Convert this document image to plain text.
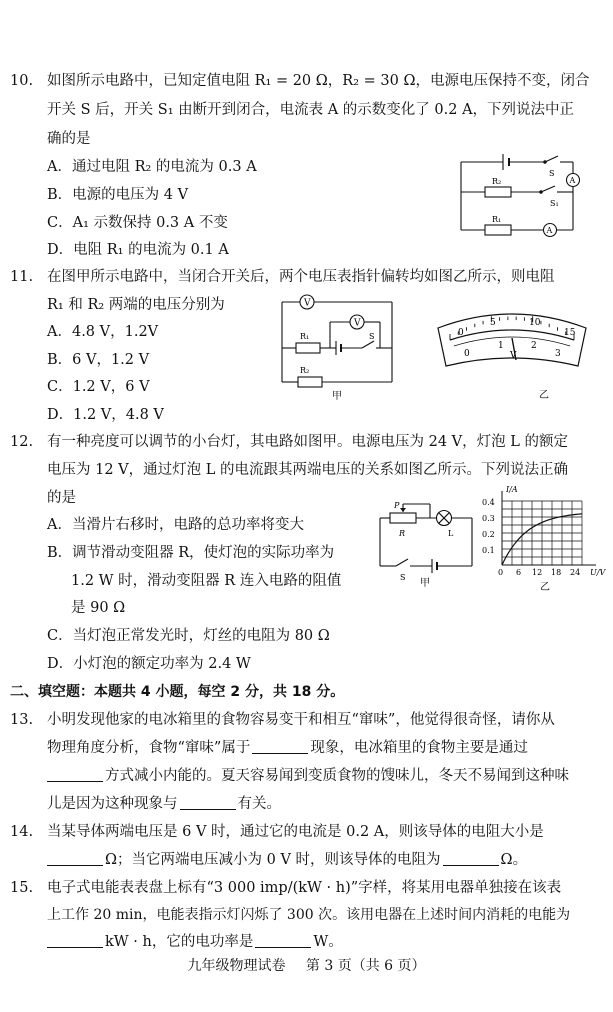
10. 如图所示电路中，已知定值电阻 R₁ = 20 Ω，R₂ = 30 Ω，电源电压保持不变，闭合
开关 S 后，开关 S₁ 由断开到闭合，电流表 A 的示数变化了 0.2 A，下列说法中正
确的是
A．通过电阻 R₂ 的电流为 0.3 A
B．电源的电压为 4 V
C．A₁ 示数保持 0.3 A 不变
D．电阻 R₁ 的电流为 0.1 A
S
S₁
R₂
R₁
A
A
11. 在图甲所示电路中，当闭合开关后，两个电压表指针偏转均如图乙所示，则电阻
R₁ 和 R₂ 两端的电压分别为
A．4.8 V，1.2V
B．6 V，1.2 V
C．1.2 V，6 V
D．1.2 V，4.8 V
V
V
R₁
R₂
S
甲
0
5	10
15
0
1	2
3
V
乙
12. 有一种亮度可以调节的小台灯，其电路如图甲。电源电压为 24 V，灯泡 L 的额定
电压为 12 V，通过灯泡 L 的电流跟其两端电压的关系如图乙所示。下列说法正确
的是
A．当滑片右移时，电路的总功率将变大
B．调节滑动变阻器 R，使灯泡的实际功率为
1.2 W 时，滑动变阻器 R 连入电路的阻值
是 90 Ω
C．当灯泡正常发光时，灯丝的电阻为 80 Ω
D．小灯泡的额定功率为 2.4 W
P
R	L
S
甲
I/A
U/V
0.4
0.3
0.2
0.1
0 6 12 18 24
乙
二、填空题：本题共 4 小题，每空 2 分，共 18 分。
13. 小明发现他家的电冰箱里的食物容易变干和相互“窜味”，他觉得很奇怪，请你从
物理角度分析，食物“窜味”属于	现象，电冰箱里的食物主要是通过
方式减小内能的。夏天容易闻到变质食物的馊味儿，冬天不易闻到这种味
儿是因为这种现象与	有关。
14. 当某导体两端电压是 6 V 时，通过它的电流是 0.2 A，则该导体的电阻大小是
Ω；当它两端电压减小为 0 V 时，则该导体的电阻为	Ω。
15. 电子式电能表表盘上标有“3 000 imp/(kW · h)”字样，将某用电器单独接在该表
上工作 20 min，电能表指示灯闪烁了 300 次。该用电器在上述时间内消耗的电能为
kW · h，它的电功率是	W。
九年级物理试卷 第 3 页（共 6 页）
